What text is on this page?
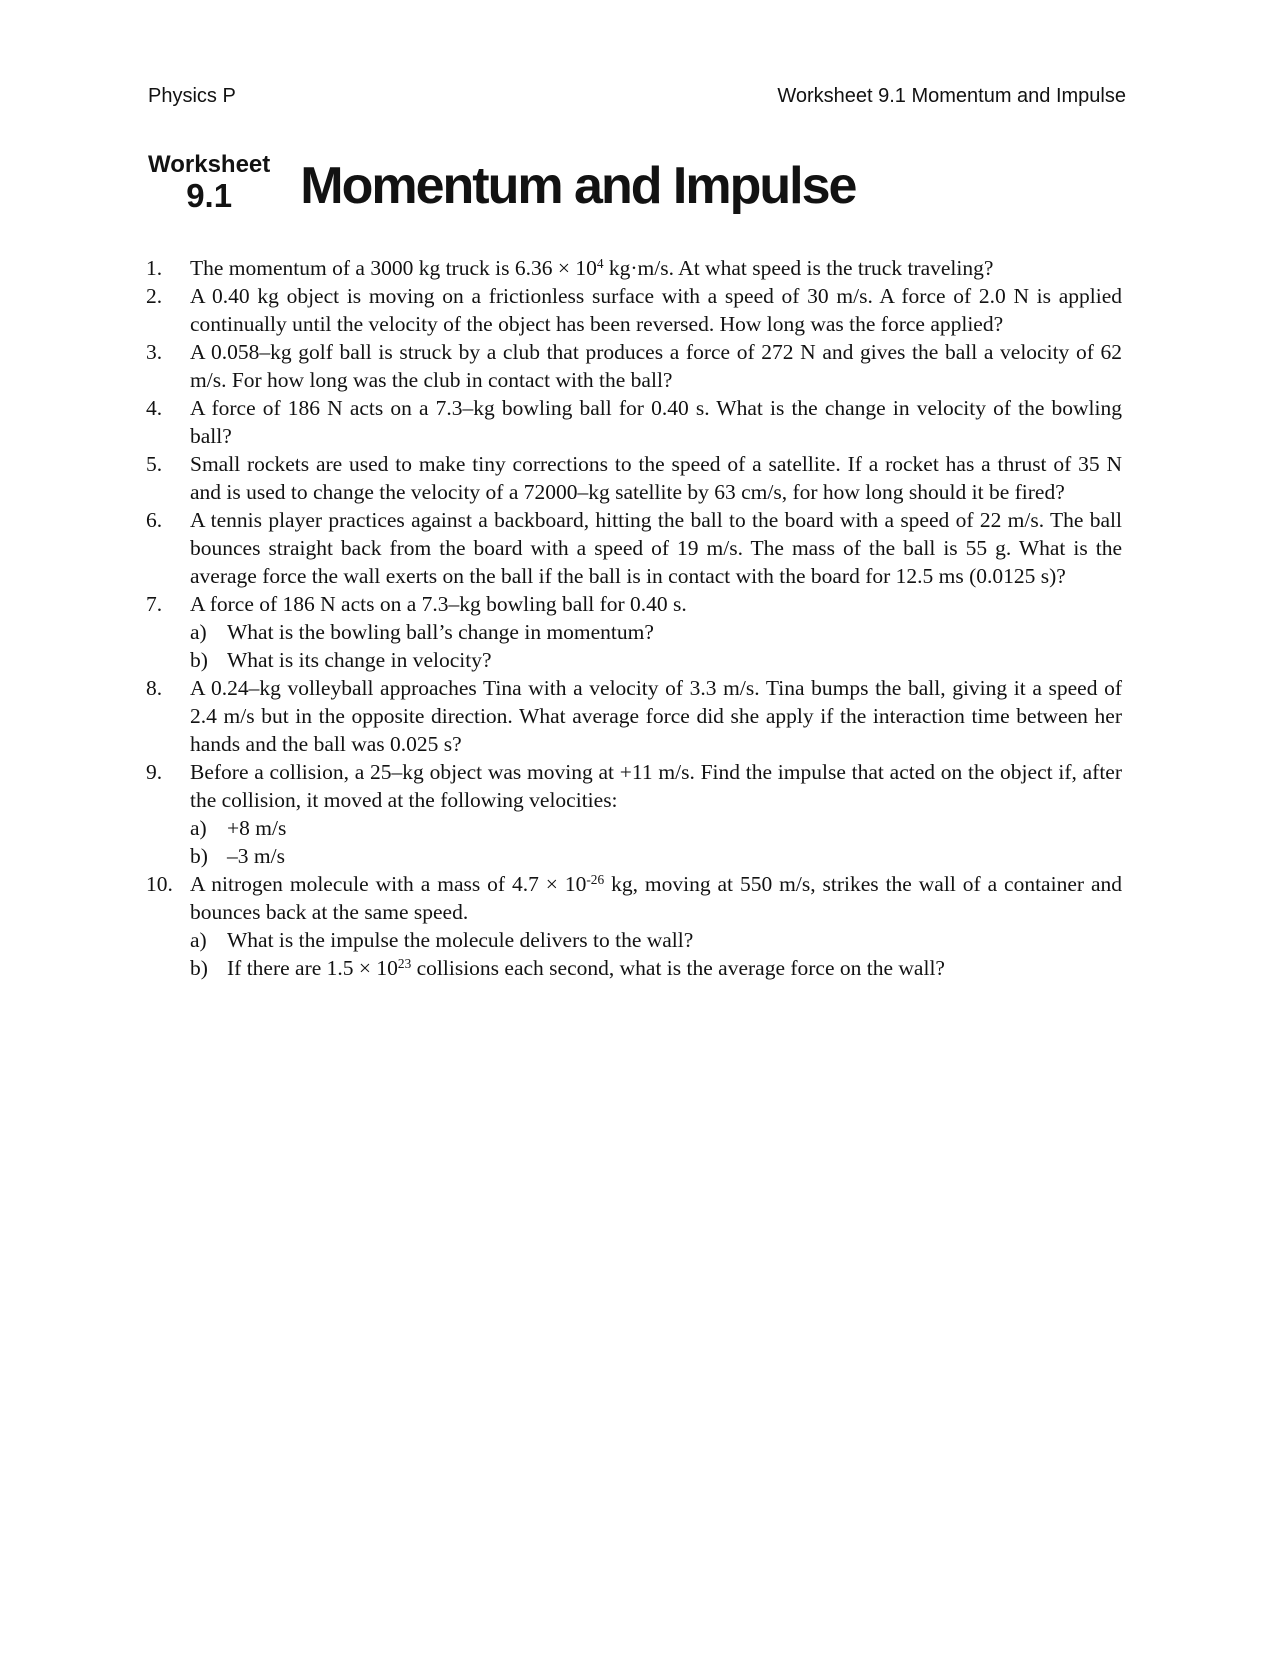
Physics P	Worksheet 9.1 Momentum and Impulse
Worksheet
9.1	Momentum and Impulse
1.	The momentum of a 3000 kg truck is $6.36 \times 10^4$ kg·m/s. At what speed is the truck traveling?

2.	A 0.40 kg object is moving on a frictionless surface with a speed of 30 m/s. A force of 2.0 N is applied continually until the velocity of the object has been reversed. How long was the force applied?

3.	A 0.058–kg golf ball is struck by a club that produces a force of 272 N and gives the ball a velocity of 62 m/s. For how long was the club in contact with the ball?

4.	A force of 186 N acts on a 7.3–kg bowling ball for 0.40 s. What is the change in velocity of the bowling ball?

5.	Small rockets are used to make tiny corrections to the speed of a satellite. If a rocket has a thrust of 35 N and is used to change the velocity of a 72000–kg satellite by 63 cm/s, for how long should it be fired?

6.	A tennis player practices against a backboard, hitting the ball to the board with a speed of 22 m/s. The ball bounces straight back from the board with a speed of 19 m/s. The mass of the ball is 55 g. What is the average force the wall exerts on the ball if the ball is in contact with the board for 12.5 ms (0.0125 s)?

7.	A force of 186 N acts on a 7.3–kg bowling ball for 0.40 s.

a) What is the bowling ball’s change in momentum?
b) What is its change in velocity?
8.	A 0.24–kg volleyball approaches Tina with a velocity of 3.3 m/s. Tina bumps the ball, giving it a speed of 2.4 m/s but in the opposite direction. What average force did she apply if the interaction time between her hands and the ball was 0.025 s?

9.	Before a collision, a 25–kg object was moving at +11 m/s. Find the impulse that acted on the object if, after the collision, it moved at the following velocities:

a) +8 m/s
b) –3 m/s
10. A nitrogen molecule with a mass of $4.7 \times 10^{-26}$ kg, moving at 550 m/s, strikes the wall of a container and bounces back at the same speed.

a) What is the impulse the molecule delivers to the wall?
b) If there are $1.5 \times 10^{23}$ collisions each second, what is the average force on the wall?
